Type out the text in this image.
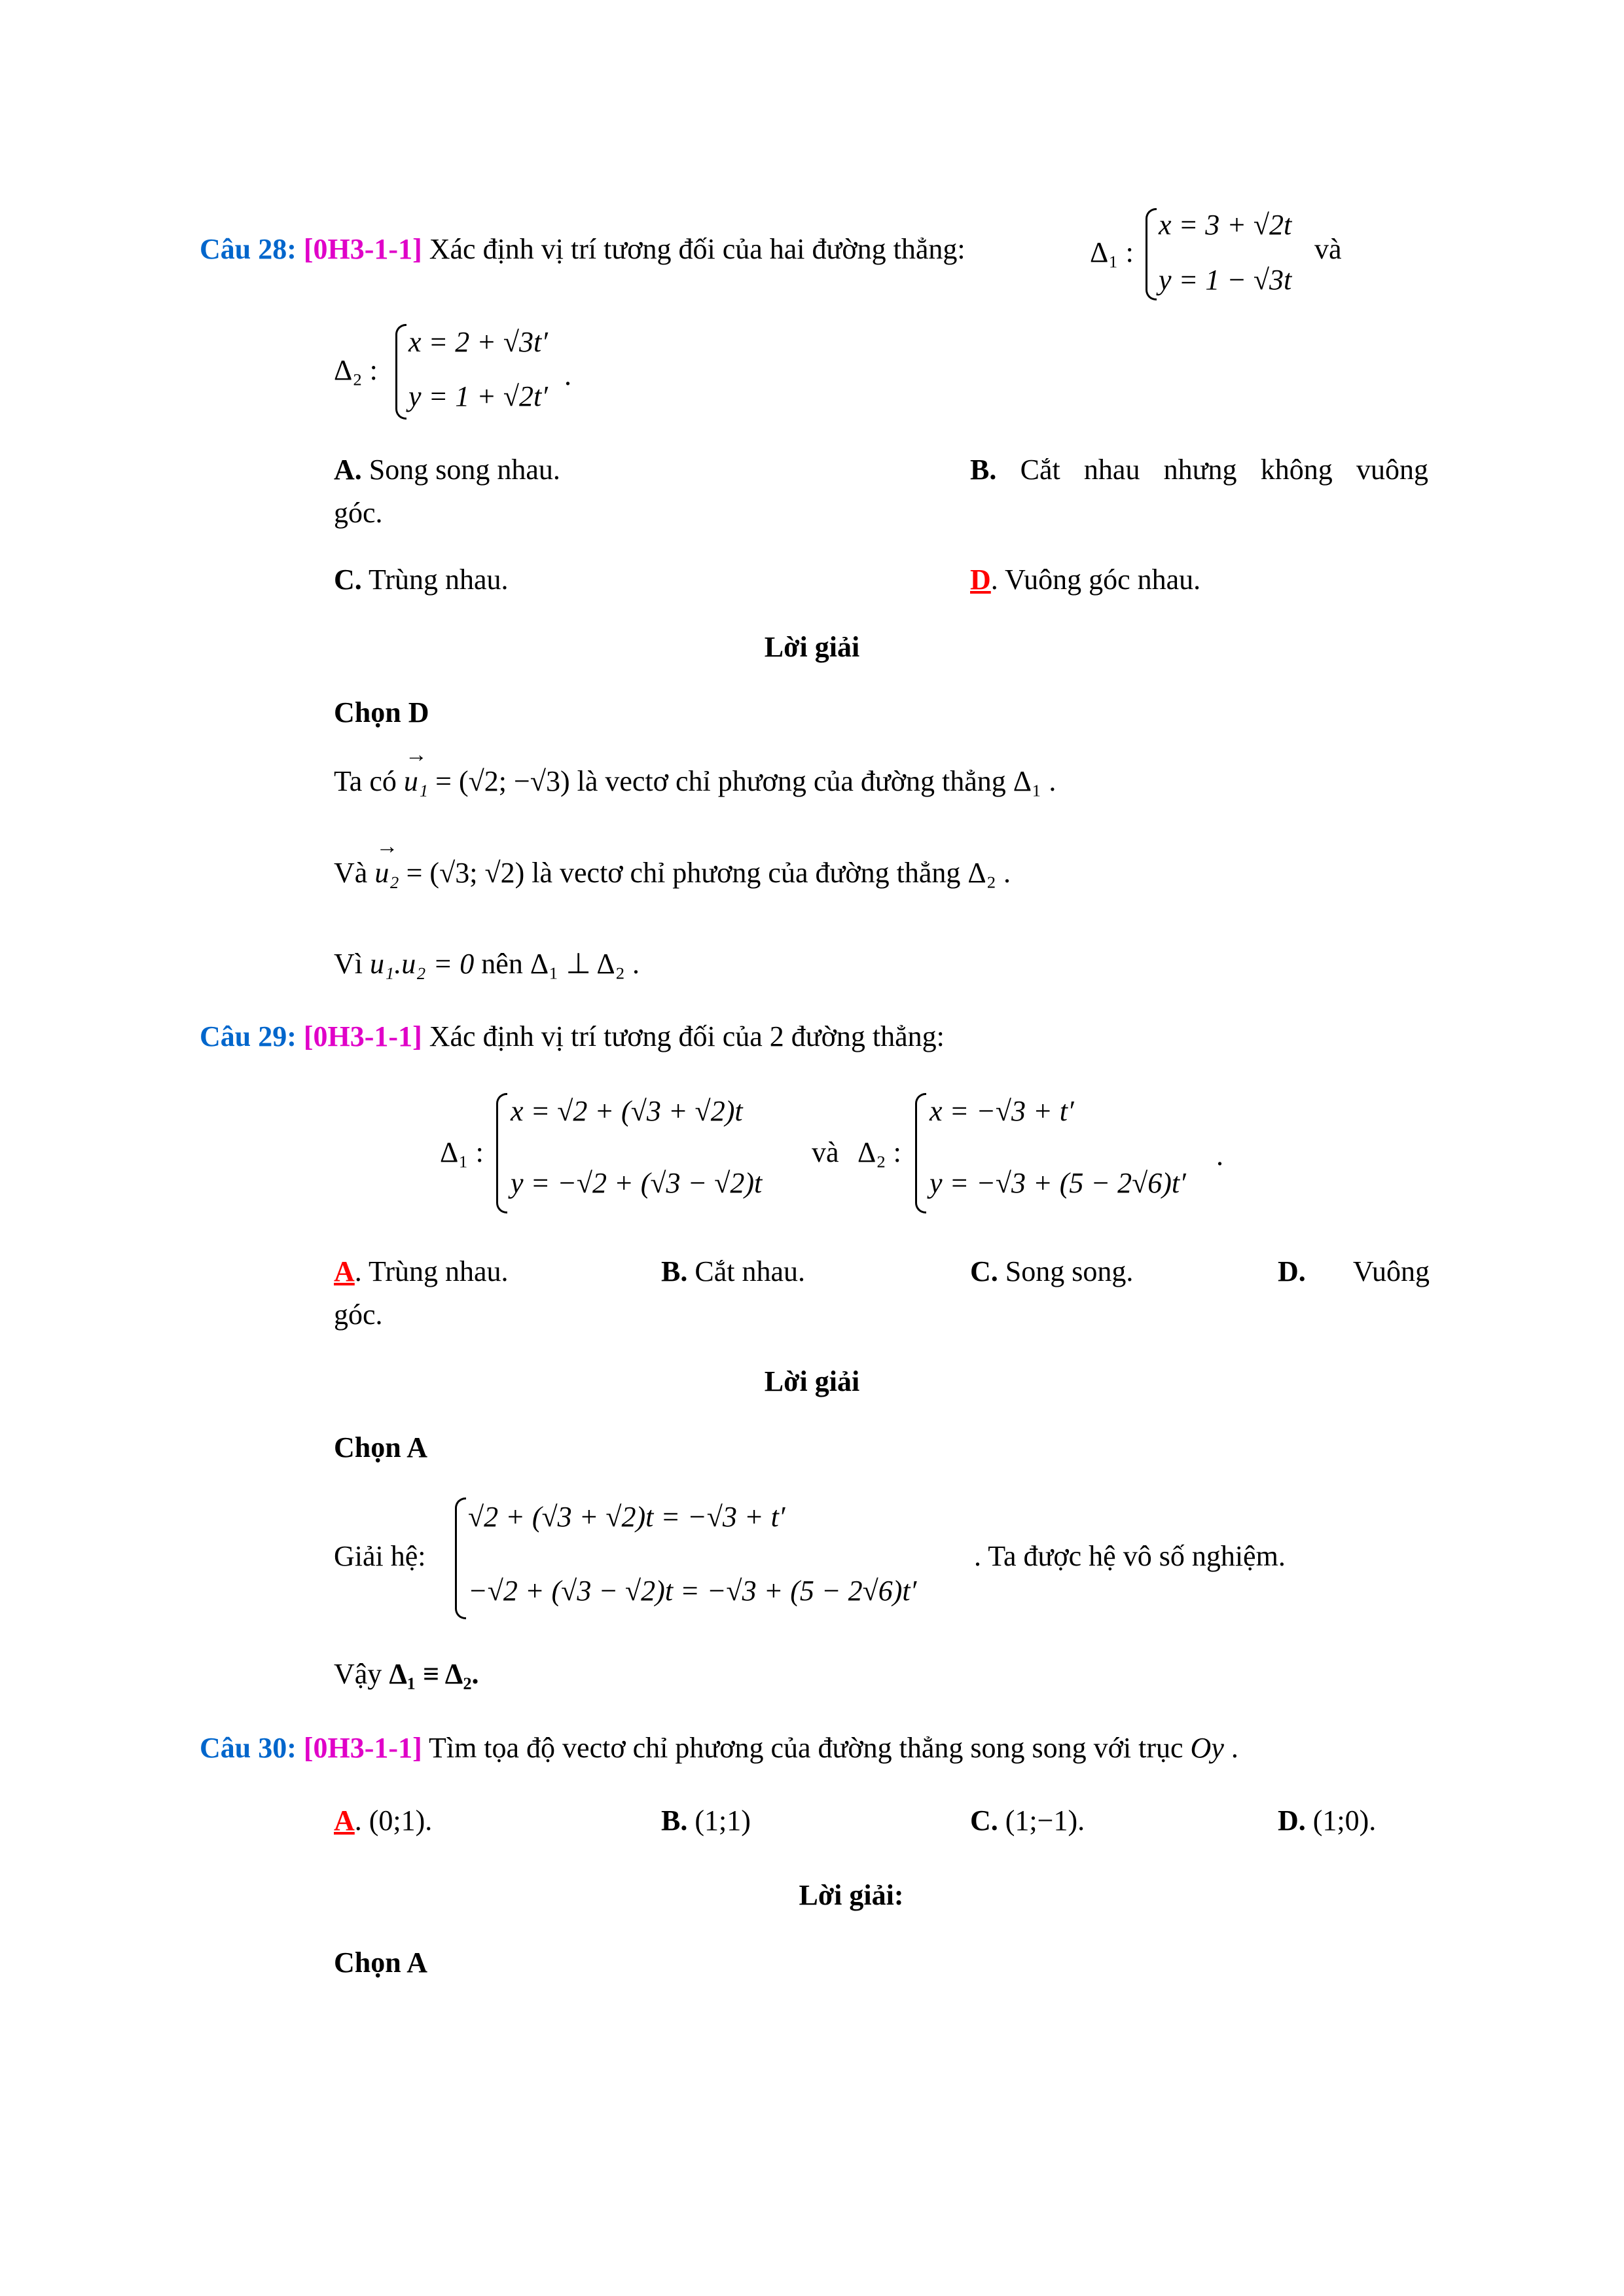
Câu 28: [0H3-1-1] Xác định vị trí tương đối của hai đường thẳng:	Δ₁ :
x = 3 + √2t
y = 1 − √3t
và
Δ₂ :
x = 2 + √3t′
y = 1 + √2t′
.
A. Song song nhau.	B. Cắt nhau nhưng không vuông
góc.
C. Trùng nhau.	D. Vuông góc nhau.
Lời giải
Chọn D
Ta có → u₁ = (√2; −√3) là vectơ chỉ phương của đường thẳng Δ₁ .
Và → u₂ = (√3; √2) là vectơ chỉ phương của đường thẳng Δ₂ .
Vì u₁.u₂ = 0 nên Δ₁ ⊥ Δ₂ .
Câu 29: [0H3-1-1] Xác định vị trí tương đối của 2 đường thẳng:
Δ₁ :
x = √2 + (√3 + √2)t
y = −√2 + (√3 − √2)t
và Δ₂ :
x = −√3 + t′
y = −√3 + (5 − 2√6)t′
.
A. Trùng nhau.	B. Cắt nhau.	C. Song song.	D. Vuông
góc.
Lời giải
Chọn A
Giải hệ:
√2 + (√3 + √2)t = −√3 + t′
−√2 + (√3 − √2)t = −√3 + (5 − 2√6)t′
. Ta được hệ vô số nghiệm.
Vậy Δ₁ ≡ Δ₂.
Câu 30: [0H3-1-1] Tìm tọa độ vectơ chỉ phương của đường thẳng song song với trục Oy .
A. (0;1).	B. (1;1)	C. (1;−1).	D. (1;0).
Lời giải:
Chọn A
